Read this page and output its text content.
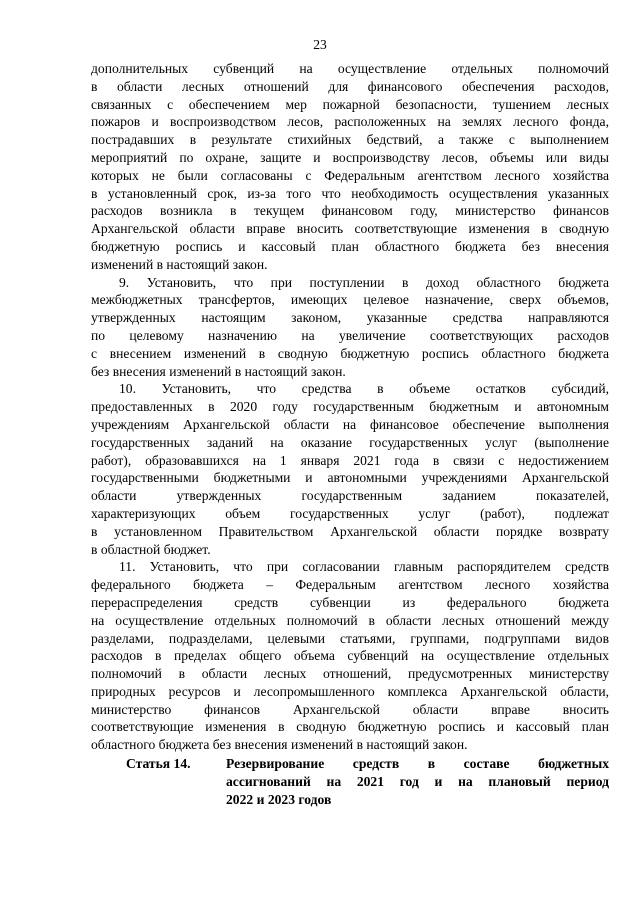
23
дополнительных субвенций на осуществление отдельных полномочий
в области лесных отношений для финансового обеспечения расходов,
связанных с обеспечением мер пожарной безопасности, тушением лесных
пожаров и воспроизводством лесов, расположенных на землях лесного фонда,
пострадавших в результате стихийных бедствий, а также с выполнением
мероприятий по охране, защите и воспроизводству лесов, объемы или виды
которых не были согласованы с Федеральным агентством лесного хозяйства
в установленный срок, из-за того что необходимость осуществления указанных
расходов возникла в текущем финансовом году, министерство финансов
Архангельской области вправе вносить соответствующие изменения в сводную
бюджетную роспись и кассовый план областного бюджета без внесения
изменений в настоящий закон.
9. Установить, что при поступлении в доход областного бюджета
межбюджетных трансфертов, имеющих целевое назначение, сверх объемов,
утвержденных настоящим законом, указанные средства направляются
по целевому назначению на увеличение соответствующих расходов
с внесением изменений в сводную бюджетную роспись областного бюджета
без внесения изменений в настоящий закон.
10. Установить, что средства в объеме остатков субсидий,
предоставленных в 2020 году государственным бюджетным и автономным
учреждениям Архангельской области на финансовое обеспечение выполнения
государственных заданий на оказание государственных услуг (выполнение
работ), образовавшихся на 1 января 2021 года в связи с недостижением
государственными бюджетными и автономными учреждениями Архангельской
области утвержденных государственным заданием показателей,
характеризующих объем государственных услуг (работ), подлежат
в установленном Правительством Архангельской области порядке возврату
в областной бюджет.
11. Установить, что при согласовании главным распорядителем средств
федерального бюджета – Федеральным агентством лесного хозяйства
перераспределения средств субвенции из федерального бюджета
на осуществление отдельных полномочий в области лесных отношений между
разделами, подразделами, целевыми статьями, группами, подгруппами видов
расходов в пределах общего объема субвенций на осуществление отдельных
полномочий в области лесных отношений, предусмотренных министерству
природных ресурсов и лесопромышленного комплекса Архангельской области,
министерство финансов Архангельской области вправе вносить
соответствующие изменения в сводную бюджетную роспись и кассовый план
областного бюджета без внесения изменений в настоящий закон.
Статья 14.	Резервирование средств в составе бюджетных
ассигнований на 2021 год и на плановый период
2022 и 2023 годов
